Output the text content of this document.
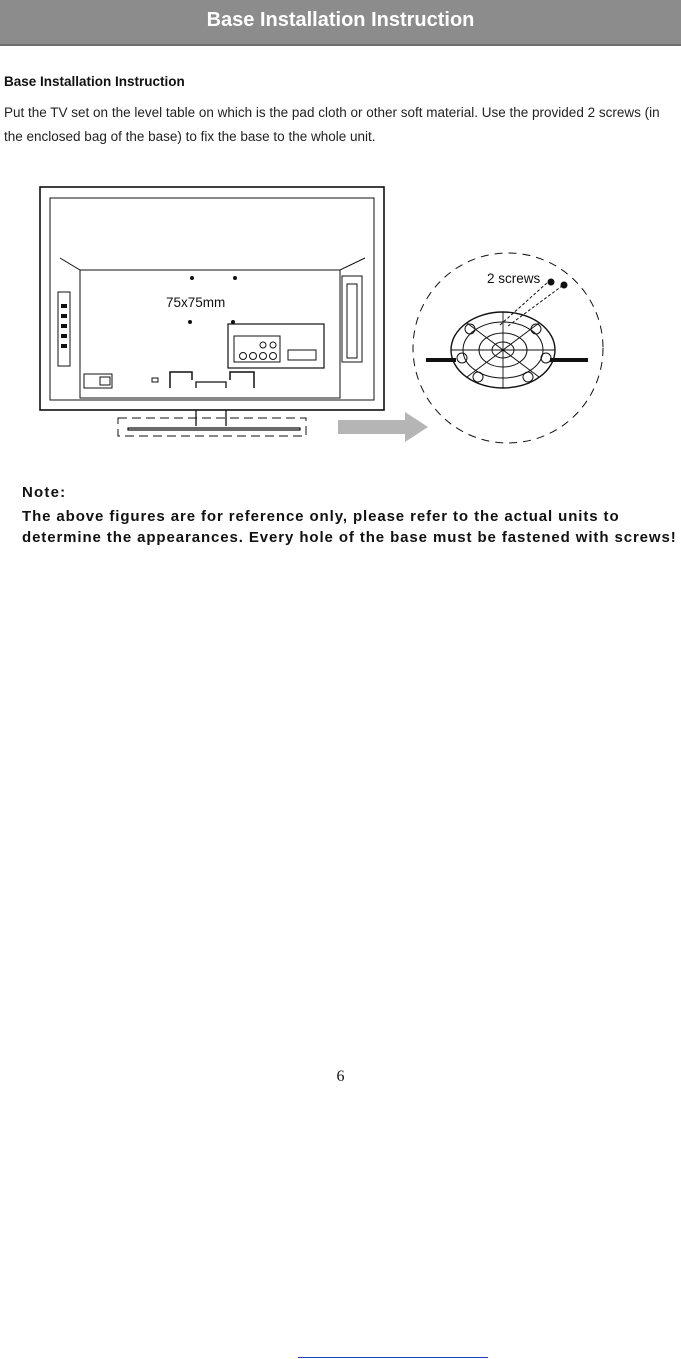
Base Installation Instruction
Base Installation Instruction
Put the TV set on the level table on which is the pad cloth or other soft material. Use the provided 2 screws (in the enclosed bag of the base) to fix the base to the whole unit.
75x75mm
2 screws
Note:
The above figures are for reference only, please refer to the actual units to determine the appearances. Every hole of the base must be fastened with screws!
6
